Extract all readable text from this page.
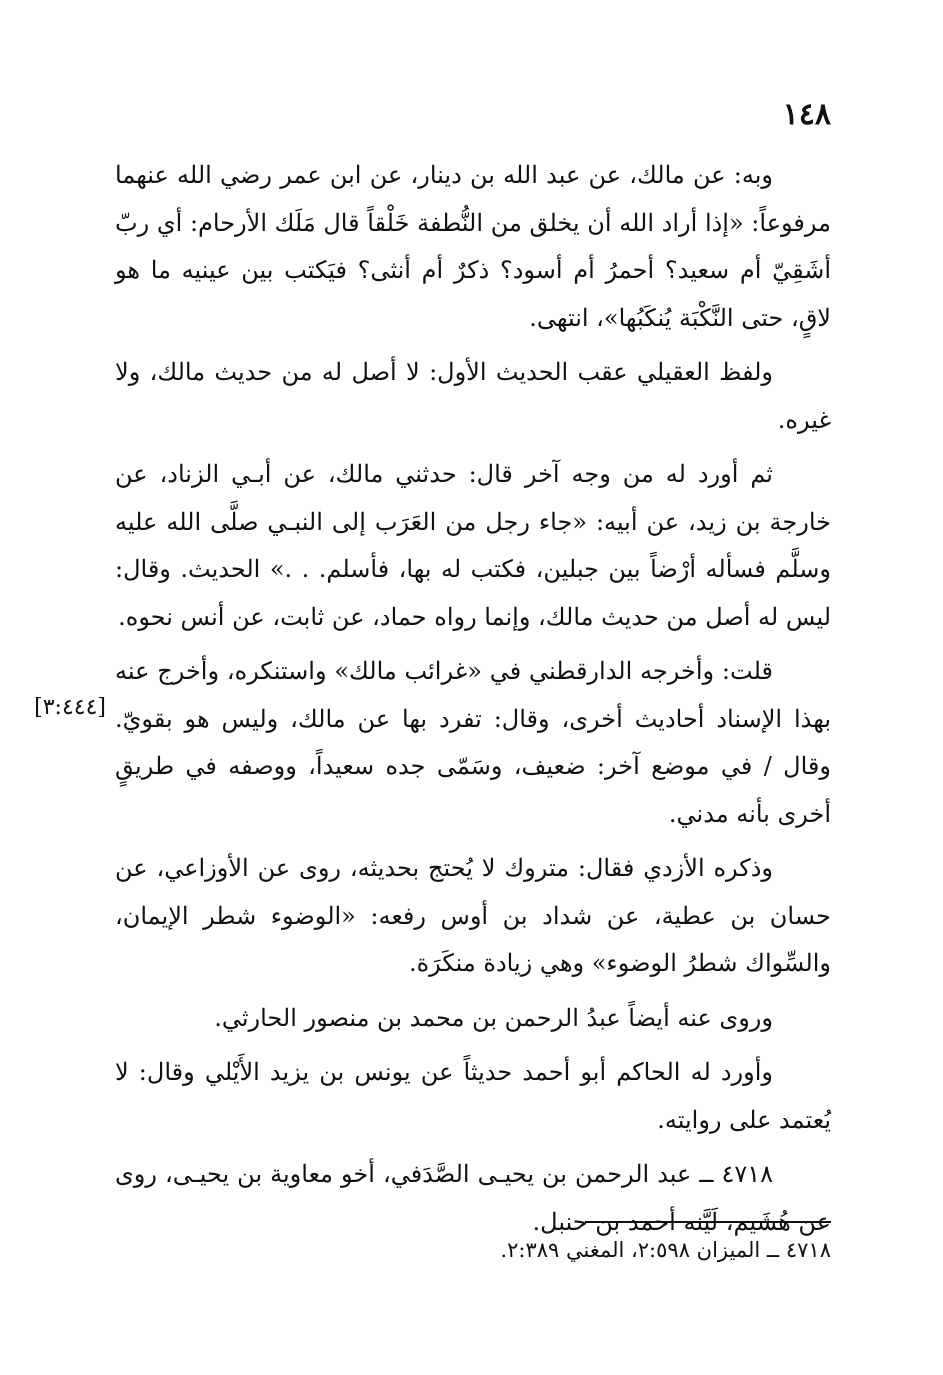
١٤٨
[٣:٤٤٤]

وبه: عن مالك، عن عبد الله بن دينار، عن ابن عمر رضي الله عنهما مرفوعاً: «إذا أراد الله أن يخلق من النُّطفة خَلْقاً قال مَلَك الأرحام: أي ربّ أشَقِيّ أم سعيد؟ أحمرُ أم أسود؟ ذكرٌ أم أنثى؟ فيَكتب بين عينيه ما هو لاقٍ، حتى النَّكْبَة يُنكَبُها»، انتهى.

ولفظ العقيلي عقب الحديث الأول: لا أصل له من حديث مالك، ولا غيره.

ثم أورد له من وجه آخر قال: حدثني مالك، عن أبـي الزناد، عن خارجة بن زيد، عن أبيه: «جاء رجل من العَرَب إلى النبـي صلَّى الله عليه وسلَّم فسأله أرْضاً بين جبلين، فكتب له بها، فأسلم. . .» الحديث. وقال: ليس له أصل من حديث مالك، وإنما رواه حماد، عن ثابت، عن أنس نحوه.

قلت: وأخرجه الدارقطني في «غرائب مالك» واستنكره، وأخرج عنه بهذا الإسناد أحاديث أخرى، وقال: تفرد بها عن مالك، وليس هو بقويّ. وقال / في موضع آخر: ضعيف، وسَمّى جده سعيداً، ووصفه في طريقٍ أخرى بأنه مدني.

وذكره الأزدي فقال: متروك لا يُحتج بحديثه، روى عن الأوزاعي، عن حسان بن عطية، عن شداد بن أوس رفعه: «الوضوء شطر الإيمان، والسِّواك شطرُ الوضوء» وهي زيادة منكَرَة.

وروى عنه أيضاً عبدُ الرحمن بن محمد بن منصور الحارثي.

وأورد له الحاكم أبو أحمد حديثاً عن يونس بن يزيد الأَيْلي وقال: لا يُعتمد على روايته.

٤٧١٨ ــ عبد الرحمن بن يحيـى الصَّدَفي، أخو معاوية بن يحيـى، روى عن هُشَيم، لَيَّنه أحمد بن حنبل.

٤٧١٨ ــ الميزان ٢:٥٩٨، المغني ٢:٣٨٩.
